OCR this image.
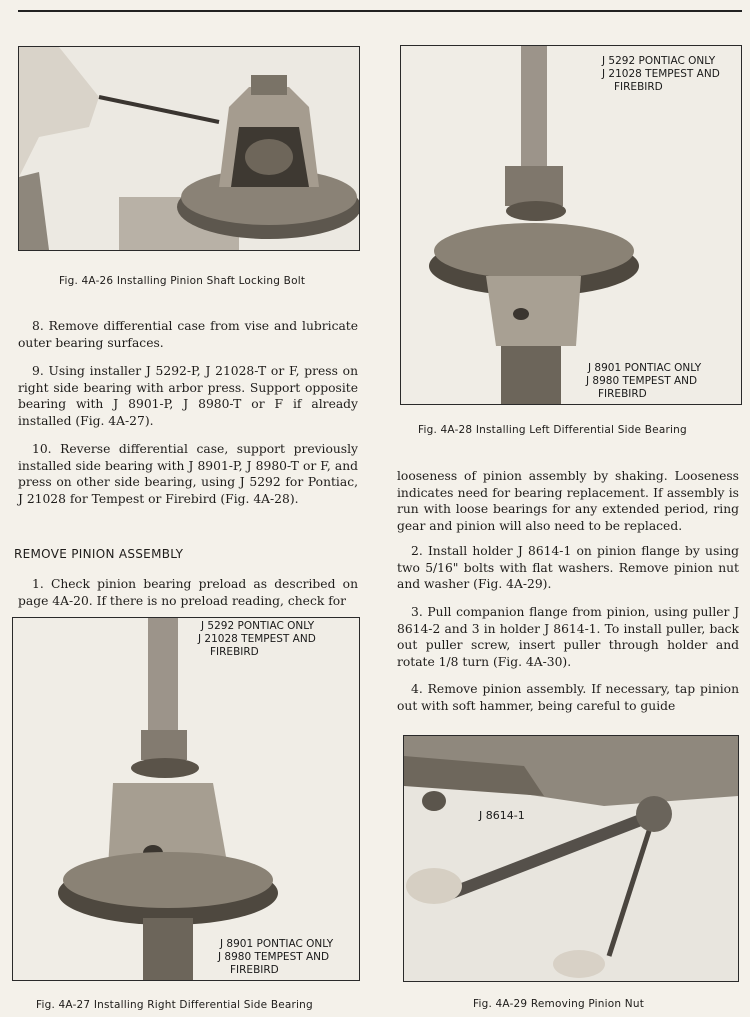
Fig. 4A-26 Installing Pinion Shaft Locking Bolt
J 5292 PONTIAC ONLY
J 21028 TEMPEST AND
FIREBIRD
J 8901 PONTIAC ONLY
J 8980 TEMPEST AND
FIREBIRD
Fig. 4A-28 Installing Left Differential Side Bearing

8. Remove differential case from vise and lubricate outer bearing surfaces.

9. Using installer J 5292-P, J 21028-T or F, press on right side bearing with arbor press. Support opposite bearing with J 8901-P, J 8980-T or F if already installed (Fig. 4A-27).

10. Reverse differential case, support previously installed side bearing with J 8901-P, J 8980-T or F, and press on other side bearing, using J 5292 for Pontiac, J 21028 for Tempest or Firebird (Fig. 4A-28).

REMOVE PINION ASSEMBLY

1. Check pinion bearing preload as described on page 4A-20. If there is no preload reading, check for

J 5292 PONTIAC ONLY
J 21028 TEMPEST AND
FIREBIRD
J 8901 PONTIAC ONLY
J 8980 TEMPEST AND
FIREBIRD
Fig. 4A-27 Installing Right Differential Side Bearing

looseness of pinion assembly by shaking. Looseness indicates need for bearing replacement. If assembly is run with loose bearings for any extended period, ring gear and pinion will also need to be replaced.

2. Install holder J 8614-1 on pinion flange by using two 5/16" bolts with flat washers. Remove pinion nut and washer (Fig. 4A-29).

3. Pull companion flange from pinion, using puller J 8614-2 and 3 in holder J 8614-1. To install puller, back out puller screw, insert puller through holder and rotate 1/8 turn (Fig. 4A-30).

4. Remove pinion assembly. If necessary, tap pinion out with soft hammer, being careful to guide

J 8614-1
Fig. 4A-29 Removing Pinion Nut
